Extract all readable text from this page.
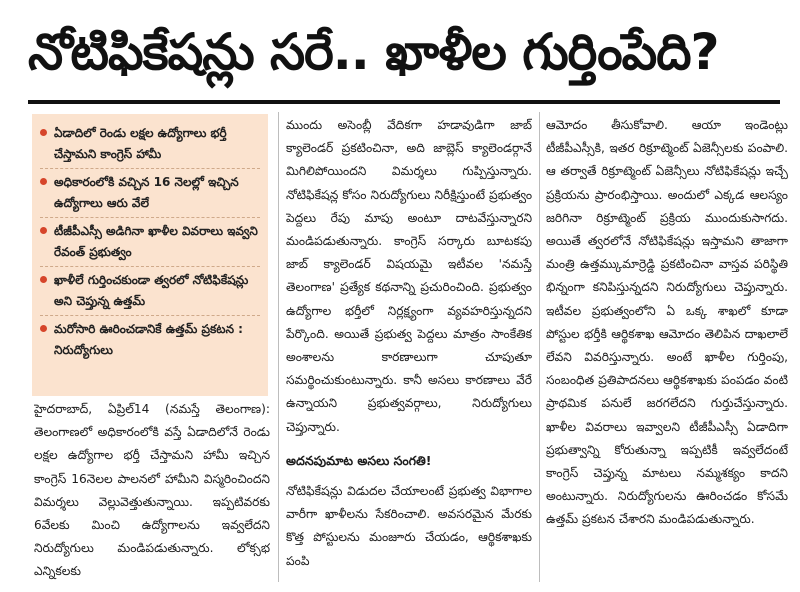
నోటిఫికేషన్లు సరే.. ఖాళీల గుర్తింపేది?
ఏడాదిలో రెండు లక్షల ఉద్యోగాలు భర్తీ చేస్తామని కాంగ్రెస్ హామీ
అధికారంలోకి వచ్చిన 16 నెలల్లో ఇచ్చిన ఉద్యోగాలు ఆరు వేలే
టీజీపీఎస్సీ అడిగినా ఖాళీల వివరాలు ఇవ్వని రేవంత్ ప్రభుత్వం
ఖాళీలే గుర్తించకుండా త్వరలో నోటిఫికేషన్లు అని చెప్తున్న ఉత్తమ్
మరోసారి ఊరించడానికే ఉత్తమ్ ప్రకటన : నిరుద్యోగులు

హైదరాబాద్, ఏప్రిల్14 (నమస్తే తెలంగాణ): తెలంగాణలో అధికారంలోకి వస్తే ఏడాదిలోనే రెండు లక్షల ఉద్యోగాల భర్తీ చేస్తామని హామీ ఇచ్చిన కాంగ్రెస్ 16నెలల పాలనలో హామీని విస్మరించిందని విమర్శలు వెల్లువెత్తుతున్నాయి. ఇప్పటివరకు 6వేలకు మించి ఉద్యోగాలను ఇవ్వలేదని నిరుద్యోగులు మండిపడుతున్నారు. లోక్సభ ఎన్నికలకు

ముందు అసెంబ్లీ వేదికగా హడావుడిగా జాబ్ క్యాలెండర్ ప్రకటించినా, అది జాబ్లెస్ క్యాలెండర్గానే మిగిలిపోయిందని విమర్శలు గుప్పిస్తున్నారు. నోటిఫికేషన్ల కోసం నిరుద్యోగులు నిరీక్షిస్తుంటే ప్రభుత్వం పెద్దలు రేపు మాపు అంటూ దాటవేస్తున్నారని మండిపడుతున్నారు. కాంగ్రెస్ సర్కారు బూటకపు జాబ్ క్యాలెండర్ విషయమై ఇటీవల 'నమస్తే తెలంగాణ' ప్రత్యేక కథనాన్ని ప్రచురించింది. ప్రభుత్వం ఉద్యోగాల భర్తీలో నిర్లక్ష్యంగా వ్యవహరిస్తున్నదని పేర్కొంది. అయితే ప్రభుత్వ పెద్దలు మాత్రం సాంకేతిక అంశాలను కారణాలుగా చూపుతూ సమర్థించుకుంటున్నారు. కానీ అసలు కారణాలు వేరే ఉన్నాయని ప్రభుత్వవర్గాలు, నిరుద్యోగులు చెప్తున్నారు.

అదనపుమాట అసలు సంగతి!

నోటిఫికేషన్లు విడుదల చేయాలంటే ప్రభుత్వ విభాగాల వారీగా ఖాళీలను సేకరించాలి. అవసరమైన మేరకు కొత్త పోస్టులను మంజూరు చేయడం, ఆర్థికశాఖకు పంపి

ఆమోదం తీసుకోవాలి. ఆయా ఇండెంట్లు టీజీపీఎస్సీకి, ఇతర రిక్రూట్మెంట్ ఏజెన్సీలకు పంపాలి. ఆ తర్వాతే రిక్రూట్మెంట్ ఏజెన్సీలు నోటిఫికేషన్లు ఇచ్చే ప్రక్రియను ప్రారంభిస్తాయి. అందులో ఎక్కడ ఆలస్యం జరిగినా రిక్రూట్మెంట్ ప్రక్రియ ముందుకుసాగదు. అయితే త్వరలోనే నోటిఫికేషన్లు ఇస్తామని తాజాగా మంత్రి ఉత్తమ్కుమార్రెడ్డి ప్రకటించినా వాస్తవ పరిస్థితి భిన్నంగా కనిపిస్తున్నదని నిరుద్యోగులు చెప్తున్నారు. ఇటీవల ప్రభుత్వంలోని ఏ ఒక్క శాఖలో కూడా పోస్టుల భర్తీకి ఆర్థికశాఖ ఆమోదం తెలిపిన దాఖలాలే లేవని వివరిస్తున్నారు. అంటే ఖాళీల గుర్తింపు, సంబంధిత ప్రతిపాదనలు ఆర్థికశాఖకు పంపడం వంటి ప్రాథమిక పనులే జరగలేదని గుర్తుచేస్తున్నారు. ఖాళీల వివరాలు ఇవ్వాలని టీజీపీఎస్సీ ఏడాదిగా ప్రభుత్వాన్ని కోరుతున్నా ఇప్పటికీ ఇవ్వలేదంటే కాంగ్రెస్ చెప్తున్న మాటలు నమ్మశక్యం కాదని అంటున్నారు. నిరుద్యోగులను ఊరించడం కోసమే ఉత్తమ్ ప్రకటన చేశారని మండిపడుతున్నారు.
